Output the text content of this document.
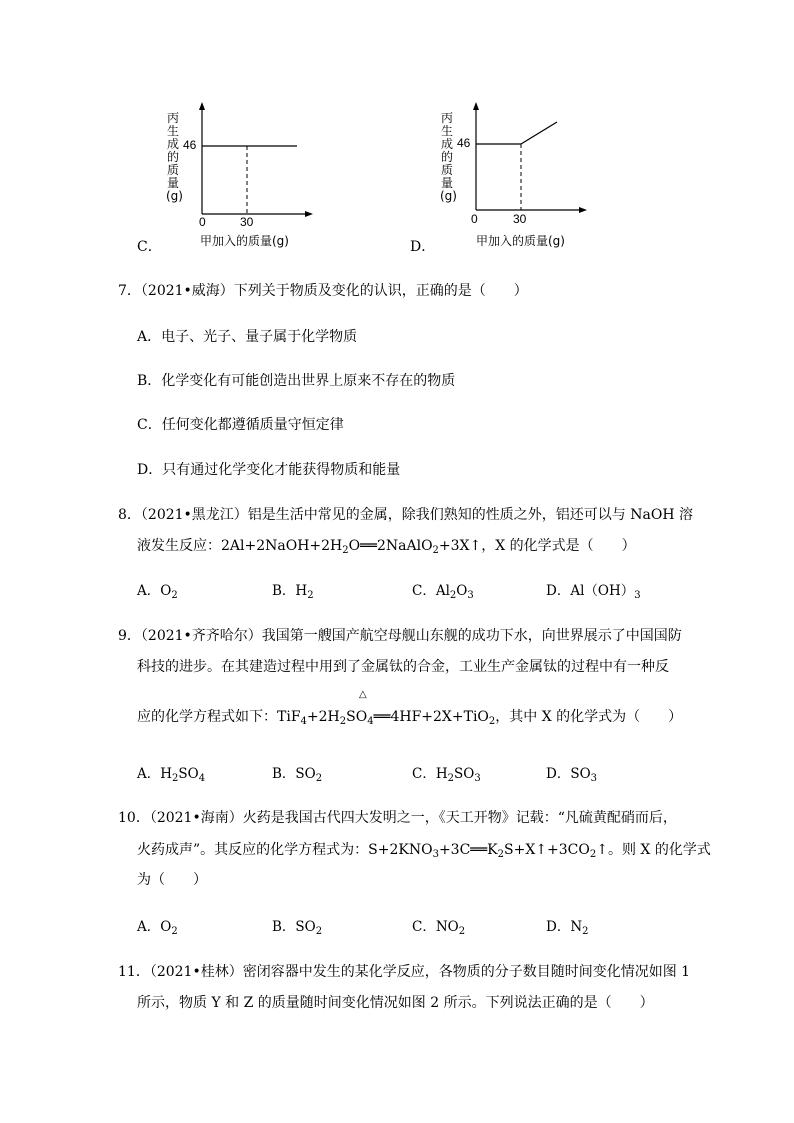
丙
生
成
的
质
量
(g)
46
0	30
甲加入的质量(g)
C．
丙
生
成
的
质
量
(g)
46
0	30
甲加入的质量(g)
D．
7．（2021•威海）下列关于物质及变化的认识，正确的是（　　）
A．电子、光子、量子属于化学物质
B．化学变化有可能创造出世界上原来不存在的物质
C．任何变化都遵循质量守恒定律
D．只有通过化学变化才能获得物质和能量
8．（2021•黑龙江）铝是生活中常见的金属，除我们熟知的性质之外，铝还可以与 NaOH 溶
液发生反应：$2Al+2NaOH+2H_2O══2NaAlO_2+3X↑$，X 的化学式是（　　）
A．$O_2$	B．$H_2$	C．$Al_2O_3$	D．$Al(OH)_3$
9．（2021•齐齐哈尔）我国第一艘国产航空母舰山东舰的成功下水，向世界展示了中国国防
科技的进步。在其建造过程中用到了金属钛的合金，工业生产金属钛的过程中有一种反
△
应的化学方程式如下：$TiF_4+2H_2SO_4══4HF+2X+TiO_2$，其中 X 的化学式为（　　）
A．$H_2SO_4$	B．$SO_2$	C．$H_2SO_3$	D．$SO_3$
10．（2021•海南）火药是我国古代四大发明之一，《天工开物》记载：“凡硫黄配硝而后，
火药成声”。其反应的化学方程式为：$S+2KNO_3+3C══K_2S+X↑+3CO_2↑$。则 X 的化学式
为（　　）
A．$O_2$	B．$SO_2$	C．$NO_2$	D．$N_2$
11．（2021•桂林）密闭容器中发生的某化学反应，各物质的分子数目随时间变化情况如图 1
所示，物质 Y 和 Z 的质量随时间变化情况如图 2 所示。下列说法正确的是（　　）
